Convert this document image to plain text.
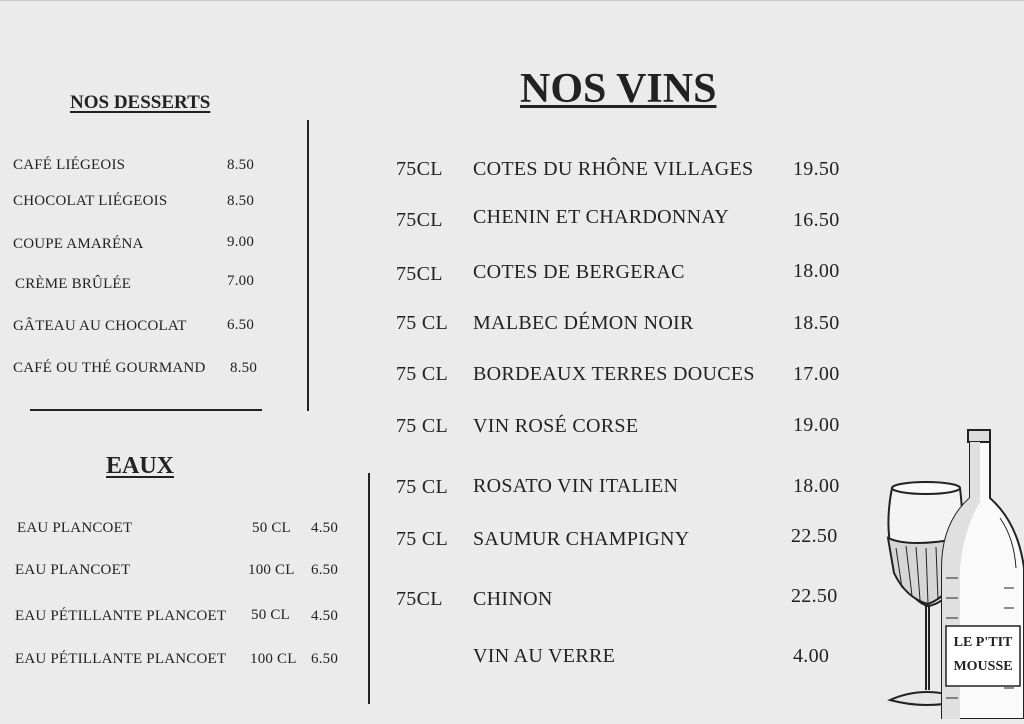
NOS DESSERTS
CAFÉ LIÉGEOIS	8.50
CHOCOLAT LIÉGEOIS	8.50
COUPE AMARÉNA	9.00
CRÈME BRÛLÉE	7.00
GÂTEAU AU CHOCOLAT	6.50
CAFÉ OU THÉ GOURMAND 8.50
EAUX
EAU PLANCOET	50 CL 4.50
EAU PLANCOET	100 CL 6.50
EAU PÉTILLANTE PLANCOET 50 CL 4.50
EAU PÉTILLANTE PLANCOET 100 CL 6.50
NOS VINS
75CL COTES DU RHÔNE VILLAGES 19.50
75CL CHENIN ET CHARDONNAY	16.50
75CL COTES DE BERGERAC	18.00
75 CL MALBEC DÉMON NOIR	18.50
75 CL BORDEAUX TERRES DOUCES 17.00
75 CL VIN ROSÉ CORSE	19.00
75 CL ROSATO VIN ITALIEN	18.00
75 CL SAUMUR CHAMPIGNY	22.50
75CL CHINON	22.50
VIN AU VERRE	4.00
LE P'TIT
MOUSSE
